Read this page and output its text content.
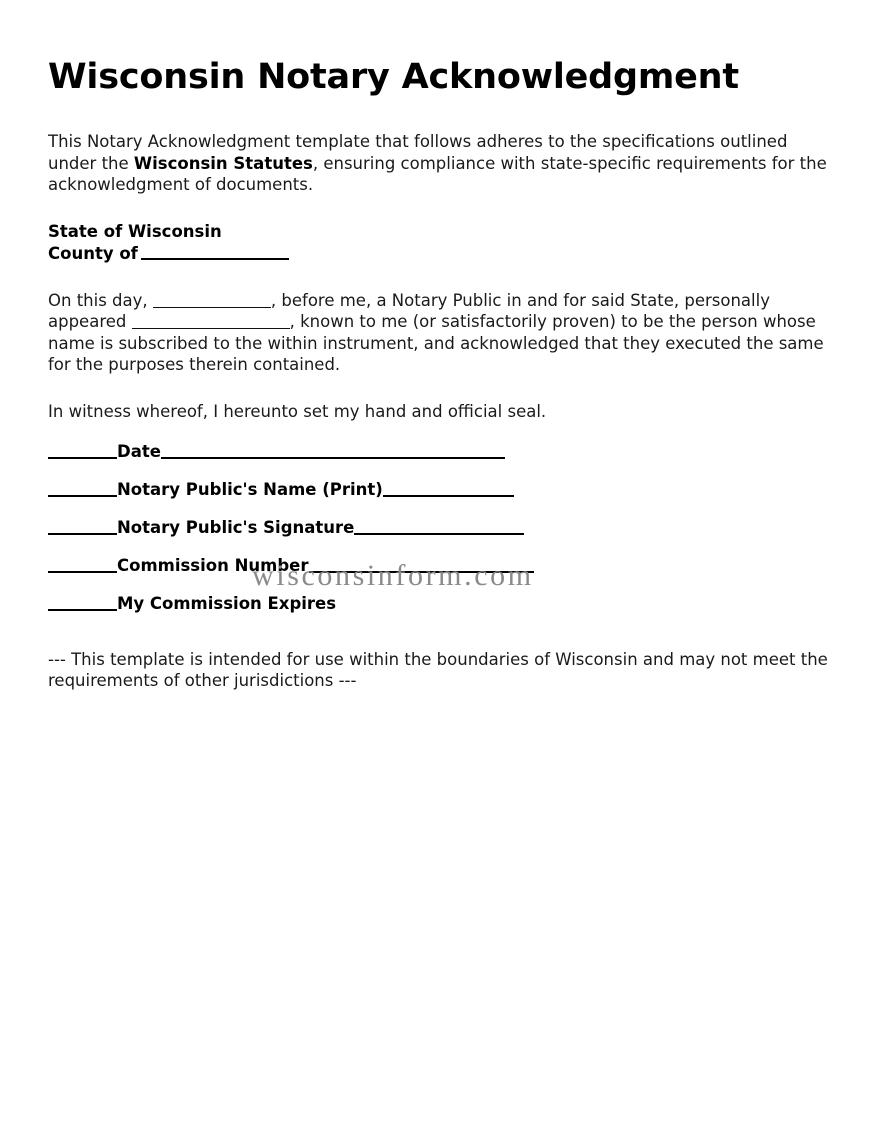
Wisconsin Notary Acknowledgment

This Notary Acknowledgment template that follows adheres to the specifications outlined under the Wisconsin Statutes, ensuring compliance with state-specific requirements for the acknowledgment of documents.

State of Wisconsin
County of

On this day,	, before me, a Notary Public in and for said State, personally appeared	, known to me (or satisfactorily proven) to be the person whose name is subscribed to the within instrument, and acknowledged that they executed the same for the purposes therein contained.

In witness whereof, I hereunto set my hand and official seal.

Date
Notary Public's Name (Print)
Notary Public's Signature
Commission Number
My Commission Expires

--- This template is intended for use within the boundaries of Wisconsin and may not meet the requirements of other jurisdictions ---

wisconsinform.com
